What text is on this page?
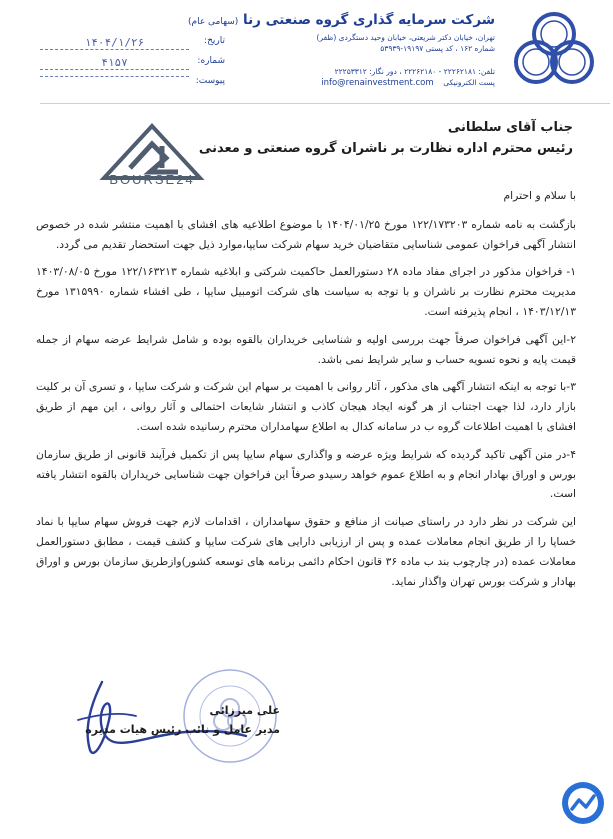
شرکت سرمایه گذاری گروه صنعتی رنا (سهامی عام)
تهران، خیابان دکتر شریعتی، خیابان وحید دستگردی (ظفر)
شماره ۱۶۲ ، کد پستی ۱۹۱۹۷-۵۳۹۳۹
تلفن: ۲۲۲۶۲۱۸۱ - ۲۲۲۶۲۱۸۰ ، دور نگار: ۲۲۲۵۳۳۱۲
پست الکترونیکی    info@renainvestment.com
تاریخ:
۱۴۰۴/۱/۲۶
شماره:
۴۱۵۷
پیوست:
BOURSE24
جناب آقای سلطانی
رئیس محترم اداره نظارت بر ناشران گروه صنعتی و معدنی

با سلام و احترام

بازگشت به نامه شماره ۱۲۲/۱۷۳۲۰۳ مورخ ۱۴۰۴/۰۱/۲۵ با موضوع اطلاعیه های افشای با اهمیت منتشر شده در خصوص انتشار آگهی فراخوان عمومی شناسایی متقاضیان خرید سهام شرکت سایپا،موارد ذیل جهت استحضار تقدیم می گردد.

۱- فراخوان مذکور در اجرای مفاد ماده ۲۸ دستورالعمل حاکمیت شرکتی و ابلاغیه شماره ۱۲۲/۱۶۳۲۱۳ مورخ ۱۴۰۳/۰۸/۰۵ مدیریت محترم نظارت بر ناشران و با توجه به سیاست های شرکت اتومبیل سایپا ، طی افشاء شماره ۱۳۱۵۹۹۰ مورخ ۱۴۰۳/۱۲/۱۳ ، انجام پذیرفته است.

۲-این آگهی فراخوان صرفاً جهت بررسی اولیه و شناسایی خریداران بالقوه بوده و شامل شرایط عرضه سهام از جمله قیمت پایه و نحوه تسویه حساب و سایر شرایط نمی باشد.

۳-با توجه به اینکه انتشار آگهی های مذکور ، آثار روانی با اهمیت بر سهام این شرکت و شرکت سایپا ، و تسری آن بر کلیت بازار دارد، لذا جهت اجتناب از هر گونه ایجاد هیجان کاذب و انتشار شایعات احتمالی و آثار روانی ، این مهم از طریق افشای با اهمیت اطلاعات گروه ب در سامانه کدال به اطلاع سهامداران محترم رسانیده شده است.

۴-در متن آگهی تاکید گردیده که شرایط ویژه عرضه و واگذاری سهام سایپا پس از تکمیل فرآیند قانونی از طریق سازمان بورس و اوراق بهادار انجام و به اطلاع عموم خواهد رسیدو صرفاً این فراخوان جهت شناسایی خریداران بالقوه انتشار یافته است.

این شرکت در نظر دارد در راستای صیانت از منافع و حقوق سهامداران ، اقدامات لازم جهت فروش سهام سایپا با نماد خساپا را از طریق انجام معاملات عمده و پس از ارزیابی دارایی های شرکت سایپا و کشف قیمت ، مطابق دستورالعمل معاملات عمده (در چارچوب بند ب ماده ۳۶ قانون احکام دائمی برنامه های توسعه کشور)وازطریق سازمان بورس و اوراق بهادار و شرکت بورس تهران واگذار نماید.

علی میرزائی
مدیر عامل و نائب رئیس هیات مدیره
